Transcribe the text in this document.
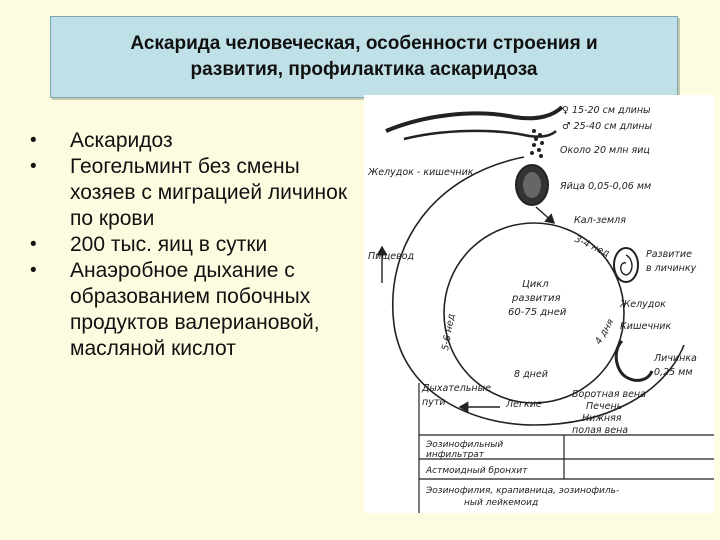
Аскарида человеческая, особенности строения и
развития, профилактика аскаридоза
• Аскаридоз
• Геогельминт без смены хозяев с миграцией личинок по крови
• 200 тыс. яиц в сутки
• Анаэробное дыхание с образованием побочных продуктов валериановой, масляной кислот
♀ 15-20 см длины
♂ 25-40 см длины
Около 20 млн яиц
Желудок - кишечник
Пищевод
5-6 нед
Яйца 0,05-0,06 мм
Кал-земля
3-4 нед
Цикл
развития
60-75 дней
4 дня
8 дней
Развитие
в личинку
Желудок
Кишечник
Личинка
0,25 мм
Дыхательные
пути	Легкие
Воротная вена
Печень
Нижняя
полая вена
Эозинофильный
инфильтрат
Астмоидный бронхит
Эозинофилия, крапивница, эозинофиль-
ный лейкемоид
